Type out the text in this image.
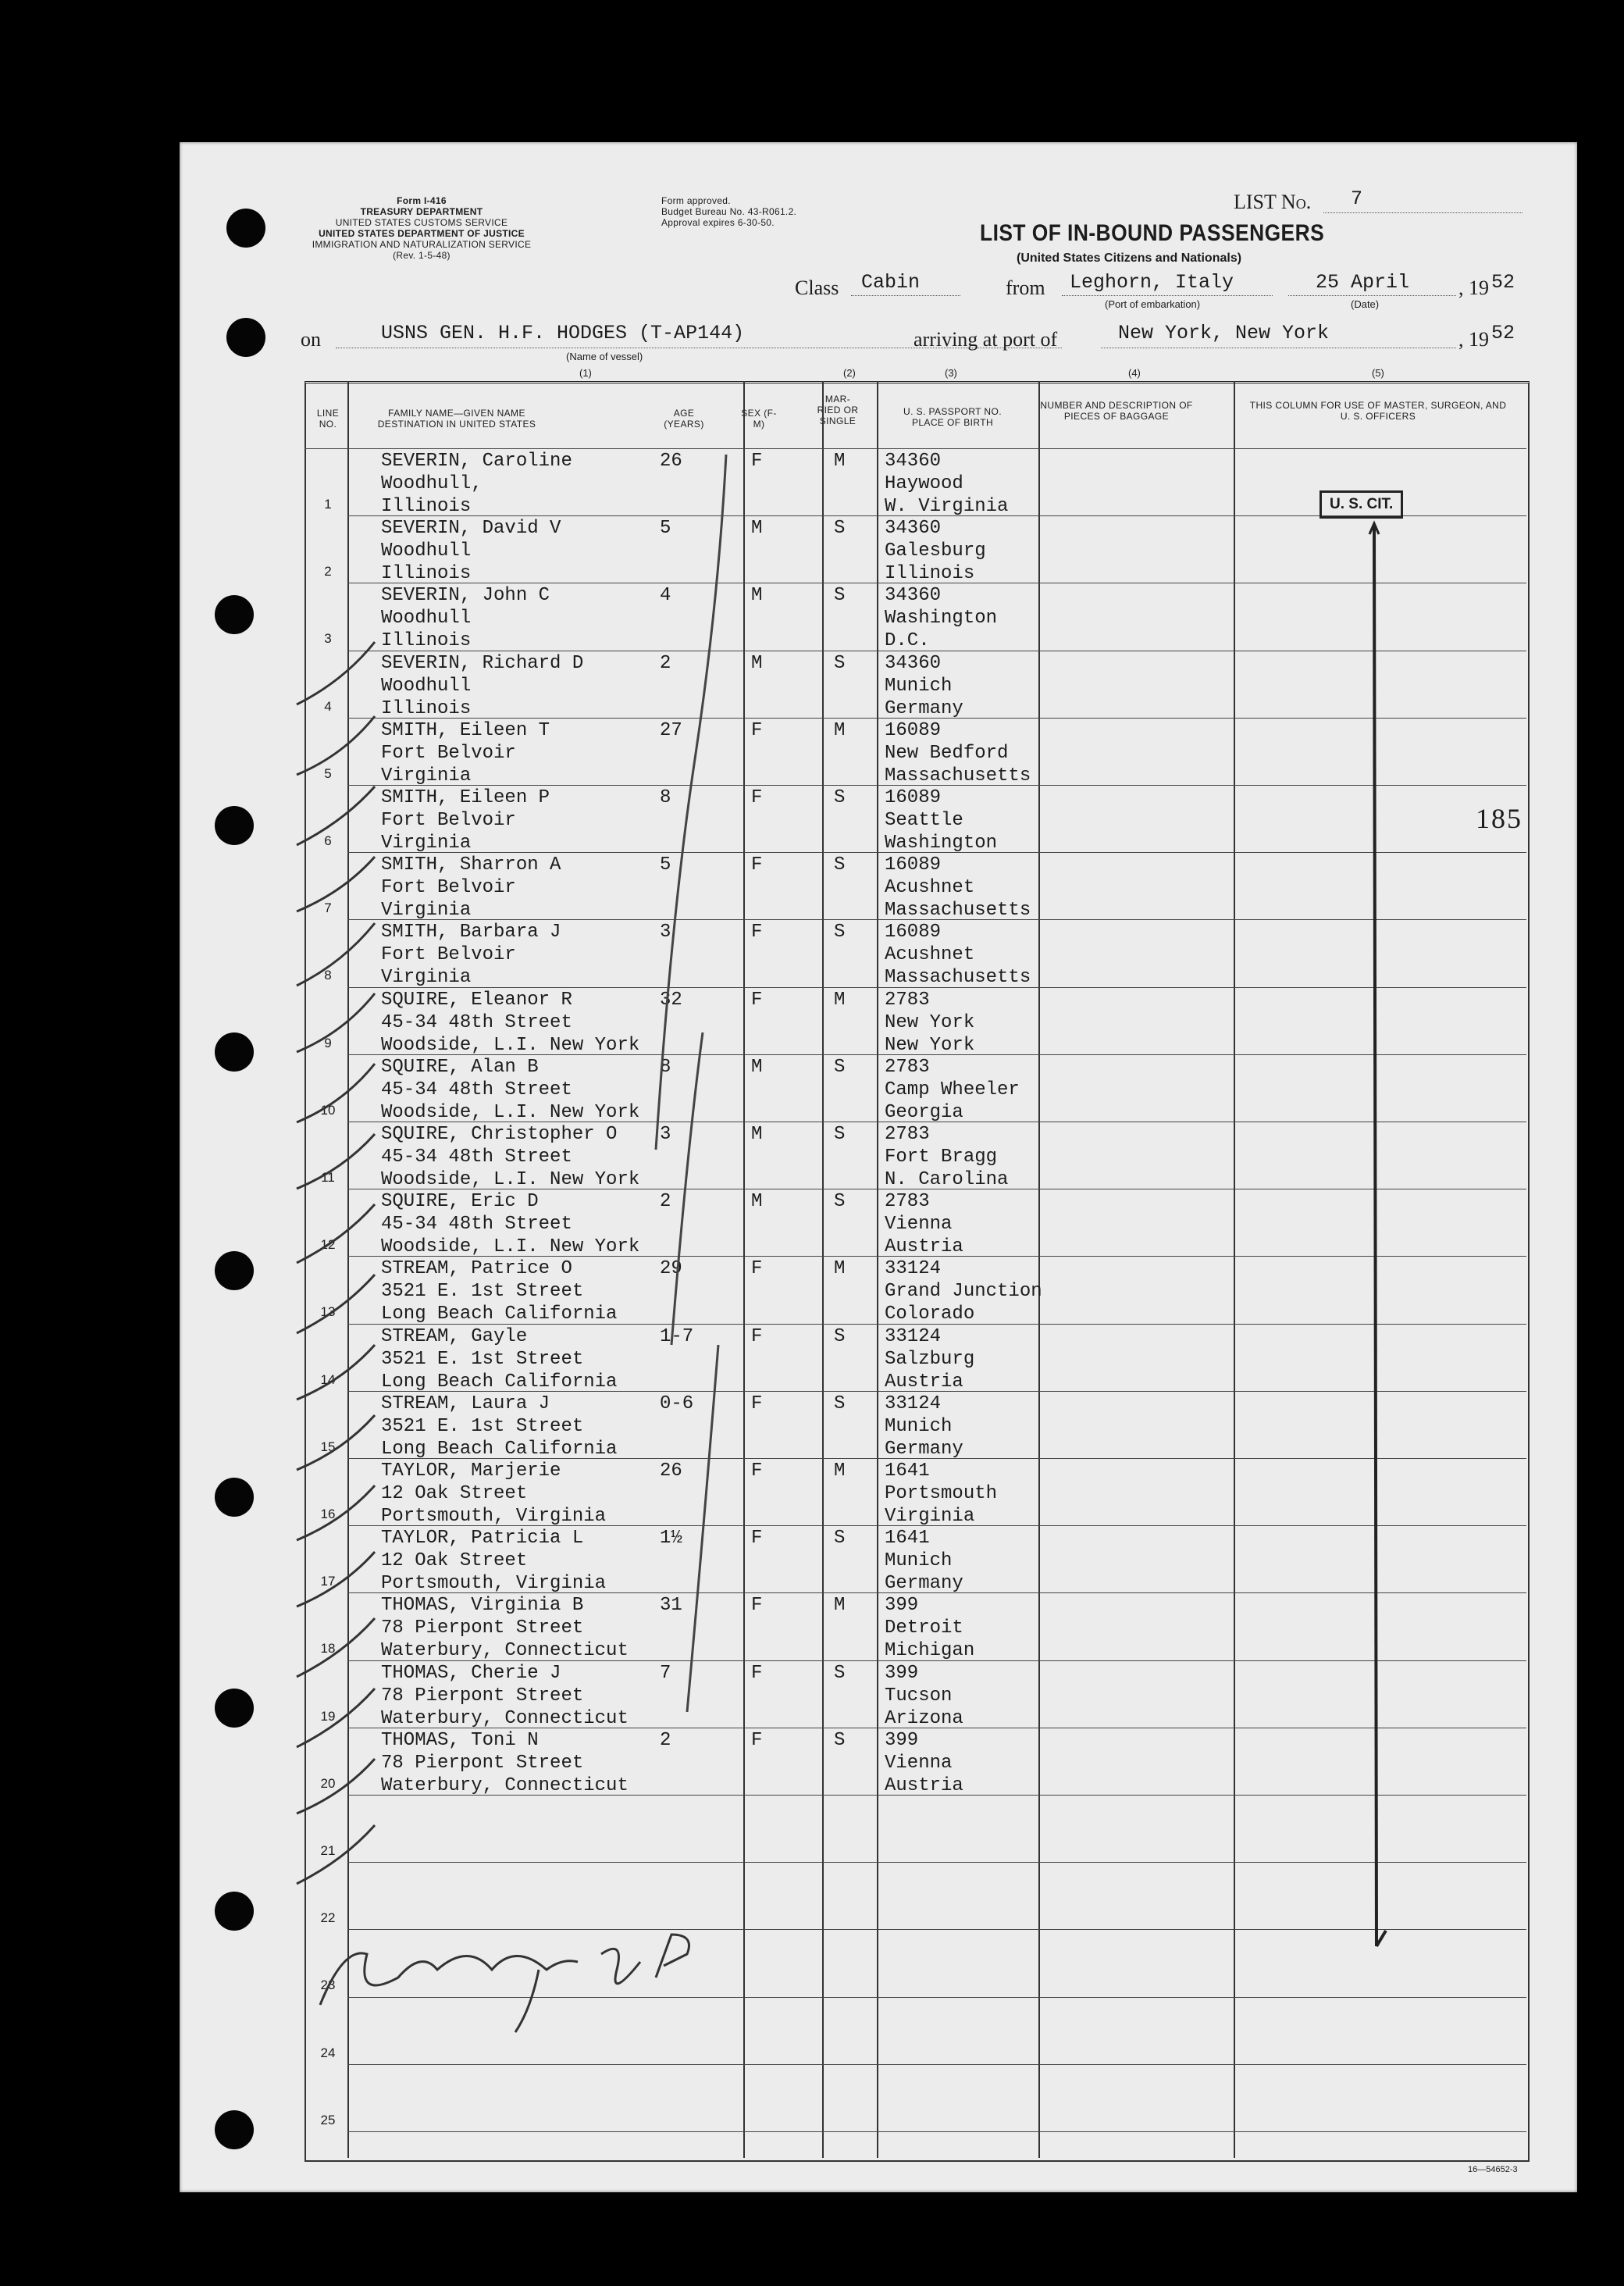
Form I-416
TREASURY DEPARTMENT
UNITED STATES CUSTOMS SERVICE
UNITED STATES DEPARTMENT OF JUSTICE
IMMIGRATION AND NATURALIZATION SERVICE
(Rev. 1-5-48)
Form approved.
Budget Bureau No. 43-R061.2.
Approval expires 6-30-50.
LIST No. 7
LIST OF IN-BOUND PASSENGERS
(United States Citizens and Nationals)
Class Cabin	from Leghorn, Italy
(Port of embarkation)
25 April
(Date)
, 19 52
on	USNS GEN. H.F. HODGES (T-AP144)
(Name of vessel)
arriving at port of	New York, New York	, 19 52
(1)	(2)	(3)	(4)	(5)
LINE NO.
FAMILY NAME—GIVEN NAME DESTINATION IN UNITED STATES
AGE (YEARS)
SEX (F-M)
MAR- RIED OR SINGLE
U. S. PASSPORT NO. PLACE OF BIRTH
NUMBER AND DESCRIPTION OF PIECES OF BAGGAGE
THIS COLUMN FOR USE OF MASTER, SURGEON, AND U. S. OFFICERS
1
SEVERIN, Caroline
Woodhull,
Illinois
26	F	M 34360
Haywood
W. Virginia
2
SEVERIN, David V
Woodhull
Illinois
5	M	S 34360
Galesburg
Illinois
3
SEVERIN, John C
Woodhull
Illinois
4	M	S 34360
Washington
D.C.
4
SEVERIN, Richard D
Woodhull
Illinois
2	M	S 34360
Munich
Germany
5
SMITH, Eileen T
Fort Belvoir
Virginia
27	F	M 16089
New Bedford
Massachusetts
6
SMITH, Eileen P
Fort Belvoir
Virginia
8	F	S 16089
Seattle
Washington
7
SMITH, Sharron A
Fort Belvoir
Virginia
5	F	S 16089
Acushnet
Massachusetts
8
SMITH, Barbara J
Fort Belvoir
Virginia
3	F	S 16089
Acushnet
Massachusetts
9
SQUIRE, Eleanor R
45-34 48th Street
Woodside, L.I. New York
32	F	M 2783
New York
New York
10
SQUIRE, Alan B
45-34 48th Street
Woodside, L.I. New York
8	M	S 2783
Camp Wheeler
Georgia
11
SQUIRE, Christopher O
45-34 48th Street
Woodside, L.I. New York
3	M	S 2783
Fort Bragg
N. Carolina
12
SQUIRE, Eric D
45-34 48th Street
Woodside, L.I. New York
2	M	S 2783
Vienna
Austria
13
STREAM, Patrice O
3521 E. 1st Street
Long Beach California
29	F	M 33124
Grand Junction
Colorado
14
STREAM, Gayle
3521 E. 1st Street
Long Beach California
1-7	F	S 33124
Salzburg
Austria
15
STREAM, Laura J
3521 E. 1st Street
Long Beach California
0-6	F	S 33124
Munich
Germany
16
TAYLOR, Marjerie
12 Oak Street
Portsmouth, Virginia
26	F	M 1641
Portsmouth
Virginia
17
TAYLOR, Patricia L
12 Oak Street
Portsmouth, Virginia
1½	F	S 1641
Munich
Germany
18
THOMAS, Virginia B
78 Pierpont Street
Waterbury, Connecticut
31	F	M 399
Detroit
Michigan
19
THOMAS, Cherie J
78 Pierpont Street
Waterbury, Connecticut
7	F	S 399
Tucson
Arizona
20
THOMAS, Toni N
78 Pierpont Street
Waterbury, Connecticut
2	F	S 399
Vienna
Austria
21
22
23
24
25
U. S. CIT.
185
16—54652-3
